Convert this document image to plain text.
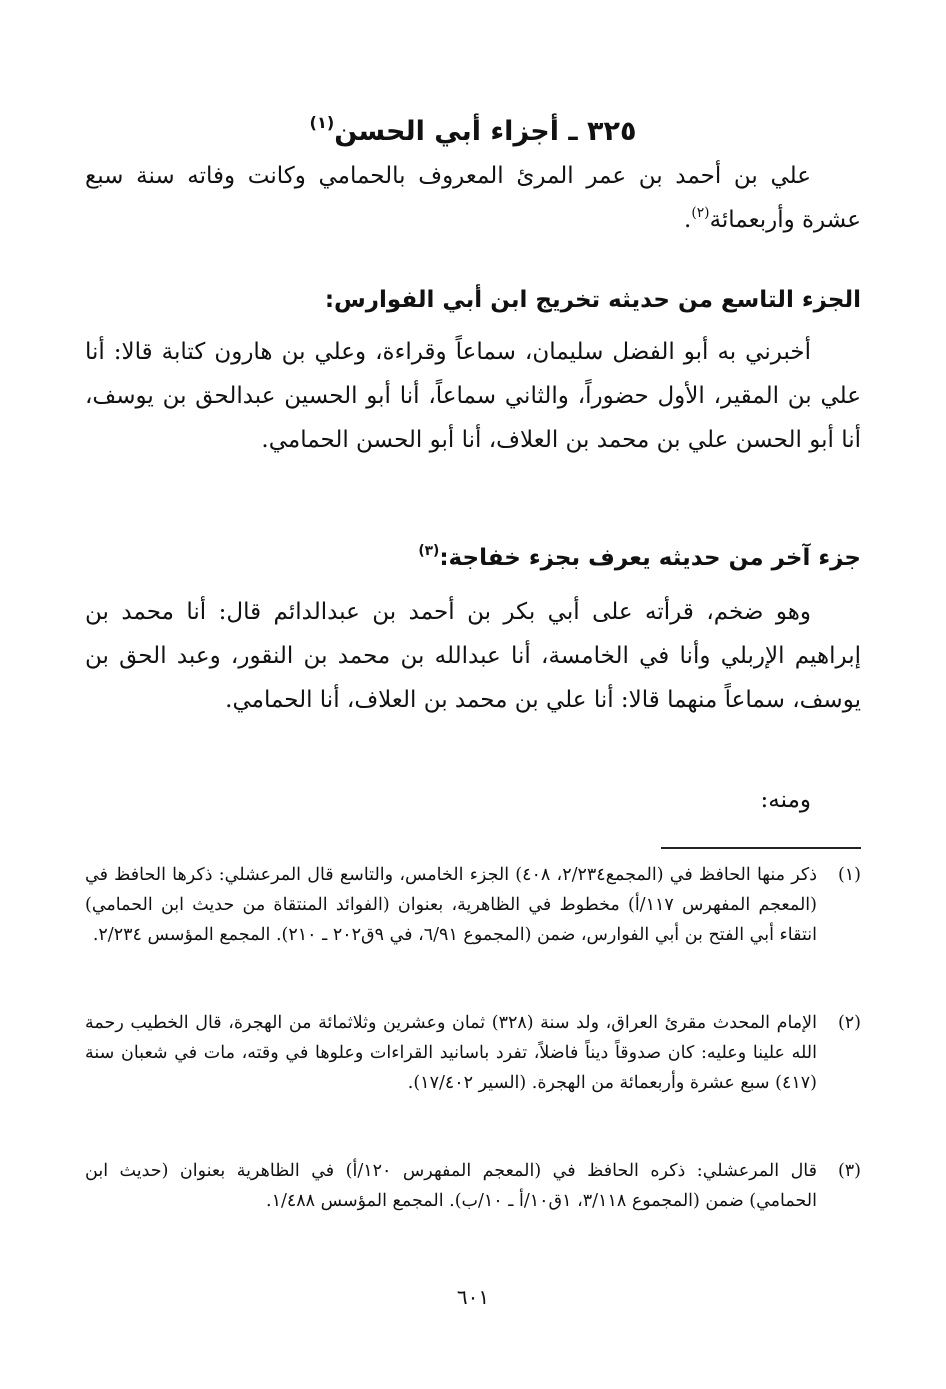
٣٢٥ ـ أجزاء أبي الحسن$^{(١)}$

علي بن أحمد بن عمر المرئ المعروف بالحمامي وكانت وفاته سنة سبع عشرة وأربعمائة$^{(٢)}$.

الجزء التاسع من حديثه تخريج ابن أبي الفوارس:

أخبرني به أبو الفضل سليمان، سماعاً وقراءة، وعلي بن هارون كتابة قالا: أنا علي بن المقير، الأول حضوراً، والثاني سماعاً، أنا أبو الحسين عبدالحق بن يوسف، أنا أبو الحسن علي بن محمد بن العلاف، أنا أبو الحسن الحمامي.

جزء آخر من حديثه يعرف بجزء خفاجة:$^{(٣)}$

وهو ضخم، قرأته على أبي بكر بن أحمد بن عبدالدائم قال: أنا محمد بن إبراهيم الإربلي وأنا في الخامسة، أنا عبدالله بن محمد بن النقور، وعبد الحق بن يوسف، سماعاً منهما قالا: أنا علي بن محمد بن العلاف، أنا الحمامي.

ومنه:

(١)
ذكر منها الحافظ في (المجمع٢/٢٣٤، ٤٠٨) الجزء الخامس، والتاسع قال المرعشلي: ذكرها الحافظ في (المعجم المفهرس ١١٧/أ) مخطوط في الظاهرية، بعنوان (الفوائد المنتقاة من حديث ابن الحمامي) انتقاء أبي الفتح بن أبي الفوارس، ضمن (المجموع ٦/٩١، في ٩ق٢٠٢ ـ ٢١٠). المجمع المؤسس ٢/٢٣٤.
(٢)
الإمام المحدث مقرئ العراق، ولد سنة (٣٢٨) ثمان وعشرين وثلاثمائة من الهجرة، قال الخطيب رحمة الله علينا وعليه: كان صدوقاً ديناً فاضلاً، تفرد باسانيد القراءات وعلوها في وقته، مات في شعبان سنة (٤١٧) سبع عشرة وأربعمائة من الهجرة. (السير ١٧/٤٠٢).
(٣)
قال المرعشلي: ذكره الحافظ في (المعجم المفهرس ١٢٠/أ) في الظاهرية بعنوان (حديث ابن الحمامي) ضمن (المجموع ٣/١١٨، ١ق١٠/أ ـ ١٠/ب). المجمع المؤسس ١/٤٨٨.
٦٠١
